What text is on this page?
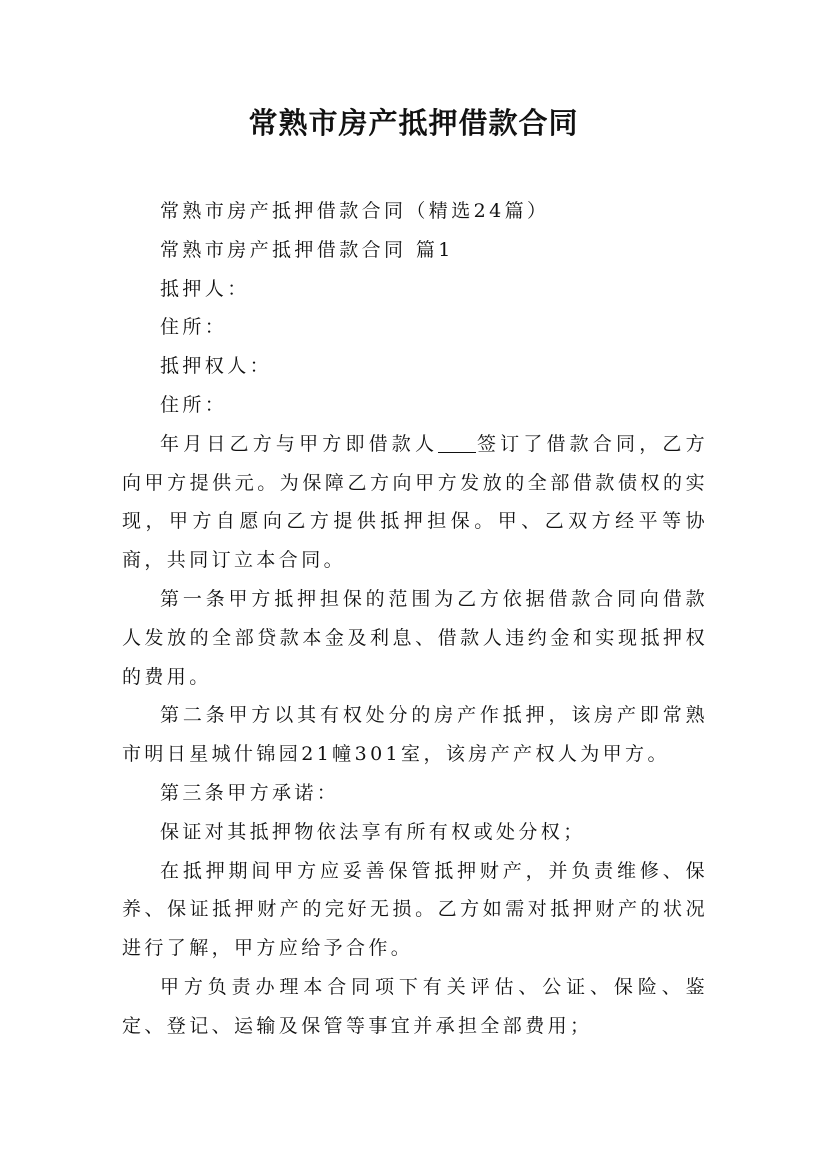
常熟市房产抵押借款合同

常熟市房产抵押借款合同（精选24篇）

常熟市房产抵押借款合同 篇1

抵押人：

住所：

抵押权人：

住所：

年月日乙方与甲方即借款人 签订了借款合同，乙方向甲方提供元。为保障乙方向甲方发放的全部借款债权的实现，甲方自愿向乙方提供抵押担保。甲、乙双方经平等协商，共同订立本合同。

第一条甲方抵押担保的范围为乙方依据借款合同向借款人发放的全部贷款本金及利息、借款人违约金和实现抵押权的费用。

第二条甲方以其有权处分的房产作抵押，该房产即常熟市明日星城什锦园21幢301室，该房产产权人为甲方。

第三条甲方承诺：

保证对其抵押物依法享有所有权或处分权；

在抵押期间甲方应妥善保管抵押财产，并负责维修、保养、保证抵押财产的完好无损。乙方如需对抵押财产的状况进行了解，甲方应给予合作。

甲方负责办理本合同项下有关评估、公证、保险、鉴定、登记、运输及保管等事宜并承担全部费用；
